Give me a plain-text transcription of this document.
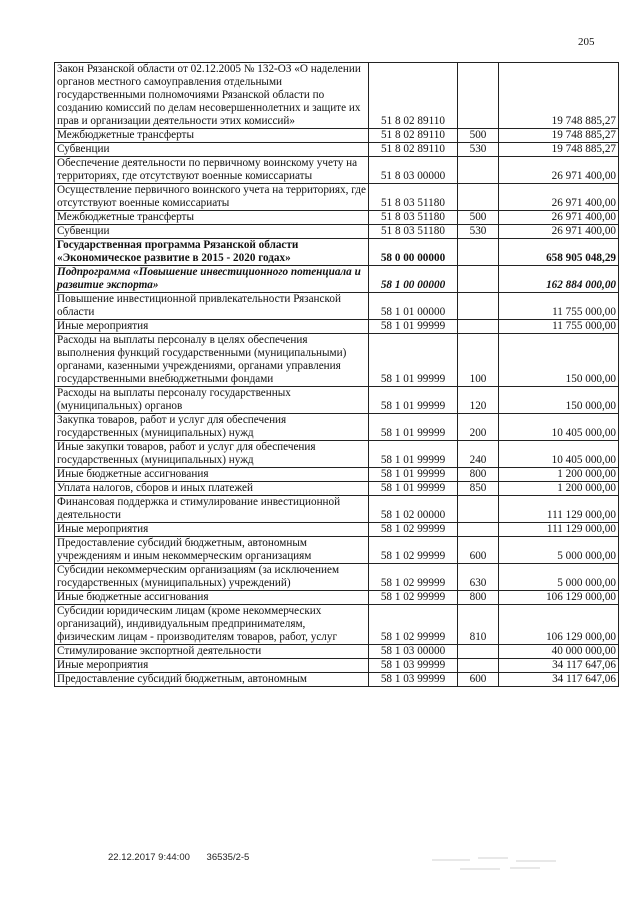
205
Закон Рязанской области от 02.12.2005 № 132-ОЗ «О наделении органов местного самоуправления отдельными государственными полномочиями Рязанской области по созданию комиссий по делам несовершеннолетних и защите их прав и организации деятельности этих комиссий»	51 8 02 89110		19 748 885,27
Межбюджетные трансферты	51 8 02 89110	500	19 748 885,27
Субвенции	51 8 02 89110	530	19 748 885,27
Обеспечение деятельности по первичному воинскому учету на территориях, где отсутствуют военные комиссариаты	51 8 03 00000		26 971 400,00
Осуществление первичного воинского учета на территориях, где отсутствуют военные комиссариаты	51 8 03 51180		26 971 400,00
Межбюджетные трансферты	51 8 03 51180	500	26 971 400,00
Субвенции	51 8 03 51180	530	26 971 400,00
Государственная программа Рязанской области «Экономическое развитие в 2015 - 2020 годах»	58 0 00 00000		658 905 048,29
Подпрограмма «Повышение инвестиционного потенциала и развитие экспорта»	58 1 00 00000		162 884 000,00
Повышение инвестиционной привлекательности Рязанской области	58 1 01 00000		11 755 000,00
Иные мероприятия	58 1 01 99999		11 755 000,00
Расходы на выплаты персоналу в целях обеспечения выполнения функций государственными (муниципальными) органами, казенными учреждениями, органами управления государственными внебюджетными фондами	58 1 01 99999	100	150 000,00
Расходы на выплаты персоналу государственных (муниципальных) органов	58 1 01 99999	120	150 000,00
Закупка товаров, работ и услуг для обеспечения государственных (муниципальных) нужд	58 1 01 99999	200	10 405 000,00
Иные закупки товаров, работ и услуг для обеспечения государственных (муниципальных) нужд	58 1 01 99999	240	10 405 000,00
Иные бюджетные ассигнования	58 1 01 99999	800	1 200 000,00
Уплата налогов, сборов и иных платежей	58 1 01 99999	850	1 200 000,00
Финансовая поддержка и стимулирование инвестиционной деятельности	58 1 02 00000		111 129 000,00
Иные мероприятия	58 1 02 99999		111 129 000,00
Предоставление субсидий бюджетным, автономным учреждениям и иным некоммерческим организациям	58 1 02 99999	600	5 000 000,00
Субсидии некоммерческим организациям (за исключением государственных (муниципальных) учреждений)	58 1 02 99999	630	5 000 000,00
Иные бюджетные ассигнования	58 1 02 99999	800	106 129 000,00
Субсидии юридическим лицам (кроме некоммерческих организаций), индивидуальным предпринимателям, физическим лицам - производителям товаров, работ, услуг	58 1 02 99999	810	106 129 000,00
Стимулирование экспортной деятельности	58 1 03 00000		40 000 000,00
Иные мероприятия	58 1 03 99999		34 117 647,06
Предоставление субсидий бюджетным, автономным	58 1 03 99999	600	34 117 647,06
22.12.2017 9:44:00 36535/2-5
